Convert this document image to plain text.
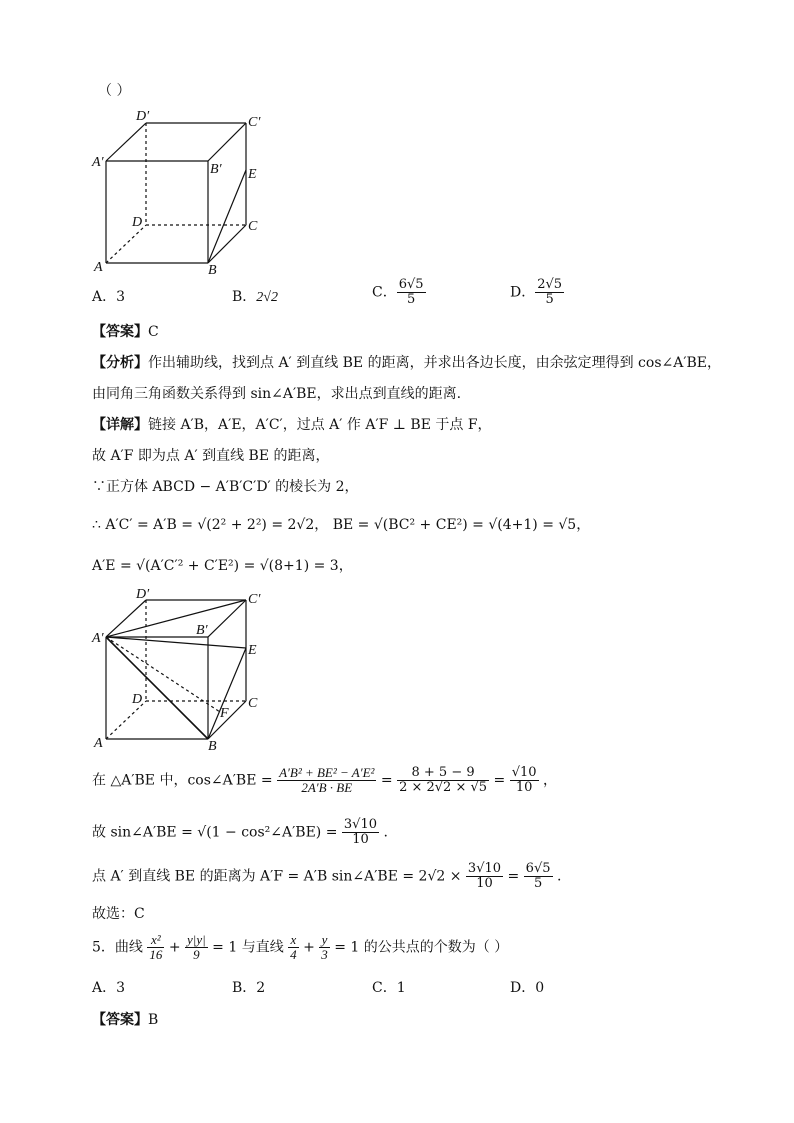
（ ）
D′	C′
A′	B′ E
D	C
A	B
A．3	B．2√2	C． $\frac{6√5}{5}$	D． $\frac{2√5}{5}$
【答案】C
【分析】作出辅助线，找到点 A′ 到直线 BE 的距离，并求出各边长度，由余弦定理得到 cos∠A′BE，
由同角三角函数关系得到 sin∠A′BE，求出点到直线的距离.
【详解】链接 A′B，A′E，A′C′，过点 A′ 作 A′F ⊥ BE 于点 F，
故 A′F 即为点 A′ 到直线 BE 的距离，
∵正方体 ABCD − A′B′C′D′ 的棱长为 2，
∴ A′C′ = A′B = √(2² + 2²) = 2√2， BE = √(BC² + CE²) = √(4+1) = √5，
A′E = √(A′C′² + C′E²) = √(8+1) = 3，
D′	C′
A′
B′
E
D	C
F
A	B
在 △A′BE 中，cos∠A′BE = $\frac{\text{A′B² + BE² − A′E²}}{2A'B \cdot BE} = \frac{8 + 5 - 9}{2 \times 2√2 \times √5} = \frac{√10}{10}$ ，
故 sin∠A′BE = √(1 − cos²∠A′BE) = $\frac{3√10}{10}$ .
点 A′ 到直线 BE 的距离为 A′F = A′B sin∠A′BE = $2√2 \times \frac{3√10}{10} = \frac{6√5}{5}$ .
故选：C
5．曲线 $\frac{\text{x²}}{16} + \frac{y|y|}{9} = 1$ 与直线 $\frac{x}{4} + \frac{y}{3} = 1$ 的公共点的个数为（ ）
A．3	B．2	C．1	D．0
【答案】B
